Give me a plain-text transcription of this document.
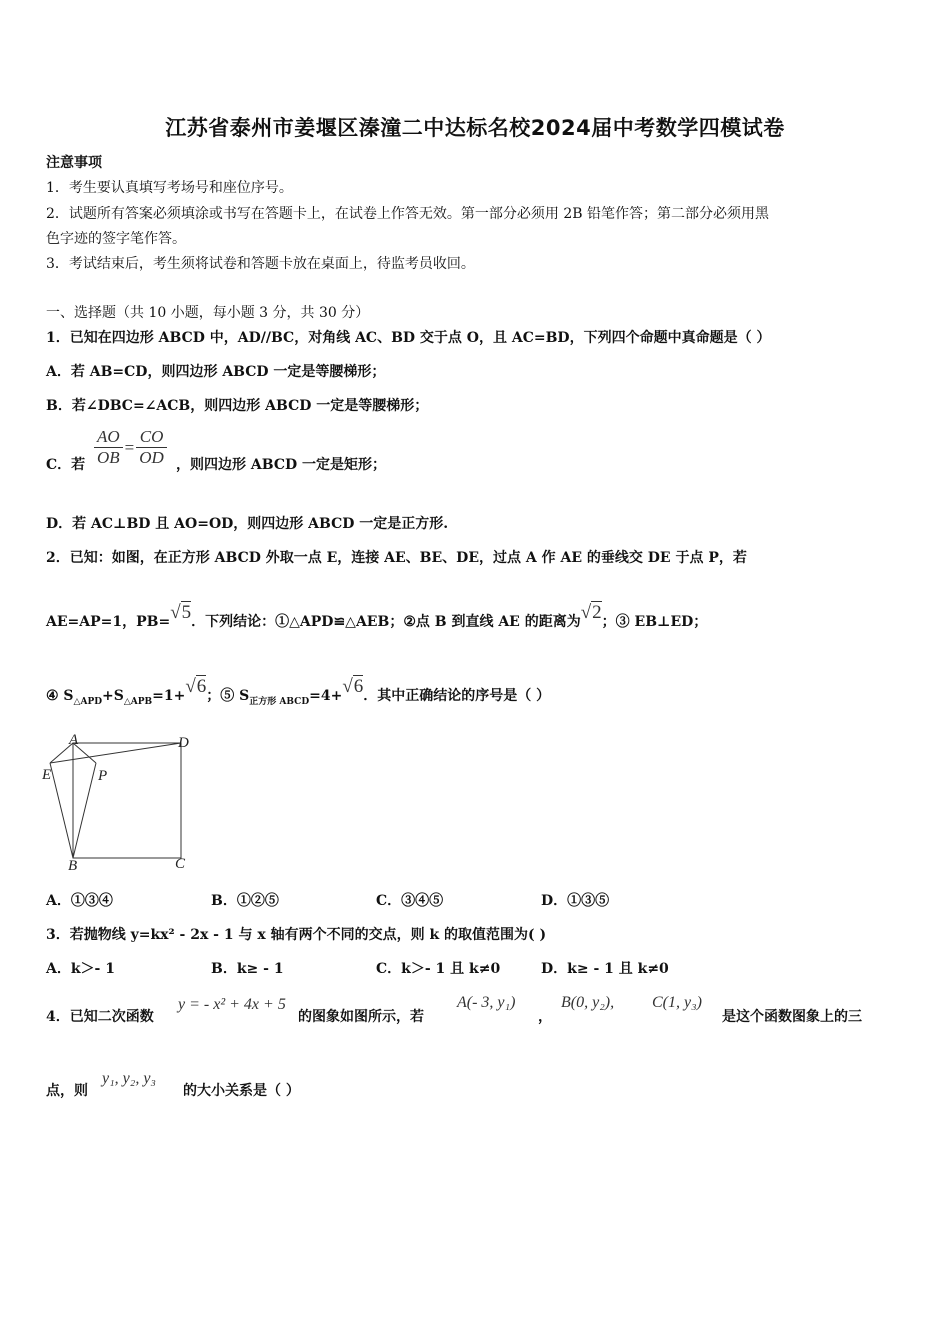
江苏省泰州市姜堰区溱潼二中达标名校2024届中考数学四模试卷
注意事项
1．考生要认真填写考场号和座位序号。
2．试题所有答案必须填涂或书写在答题卡上，在试卷上作答无效。第一部分必须用 2B 铅笔作答；第二部分必须用黑
色字迹的签字笔作答。
3．考试结束后，考生须将试卷和答题卡放在桌面上，待监考员收回。
一、选择题（共 10 小题，每小题 3 分，共 30 分）
1．已知在四边形 ABCD 中，AD//BC，对角线 AC、BD 交于点 O，且 AC=BD，下列四个命题中真命题是（ ）
A．若 AB=CD，则四边形 ABCD 一定是等腰梯形；
B．若∠DBC=∠ACB，则四边形 ABCD 一定是等腰梯形；
C．若 $\frac{AO}{OB} = \frac{CO}{OD}$ ，则四边形 ABCD 一定是矩形；
D．若 AC⊥BD 且 AO=OD，则四边形 ABCD 一定是正方形.
2．已知：如图，在正方形 ABCD 外取一点 E，连接 AE、BE、DE，过点 A 作 AE 的垂线交 DE 于点 P，若
AE=AP=1，PB=√5．下列结论：①△APD≌△AEB；②点 B 到直线 AE 的距离为√2；③ EB⊥ED；
④ $S_{\triangle APD}+S_{\triangle APB}=1+√6$；⑤ $S_{正方形 ABCD}=4+√6$．其中正确结论的序号是（ ）
A	D
E	P
B	C
A．①③④	B．①②⑤	C．③④⑤	D．①③⑤
3．若抛物线 y=kx² - 2x - 1 与 x 轴有两个不同的交点，则 k 的取值范围为( )
A．k＞- 1	B．k≥ - 1	C．k＞- 1 且 k≠0	D．k≥ - 1 且 k≠0
4．已知二次函数
y = - x² + 4x + 5
的图象如图所示，若
A(- 3, y₁)
，
B(0, y₂), C(1, y₃)
是这个函数图象上的三
点，则
y₁, y₂, y₃
的大小关系是（ ）
